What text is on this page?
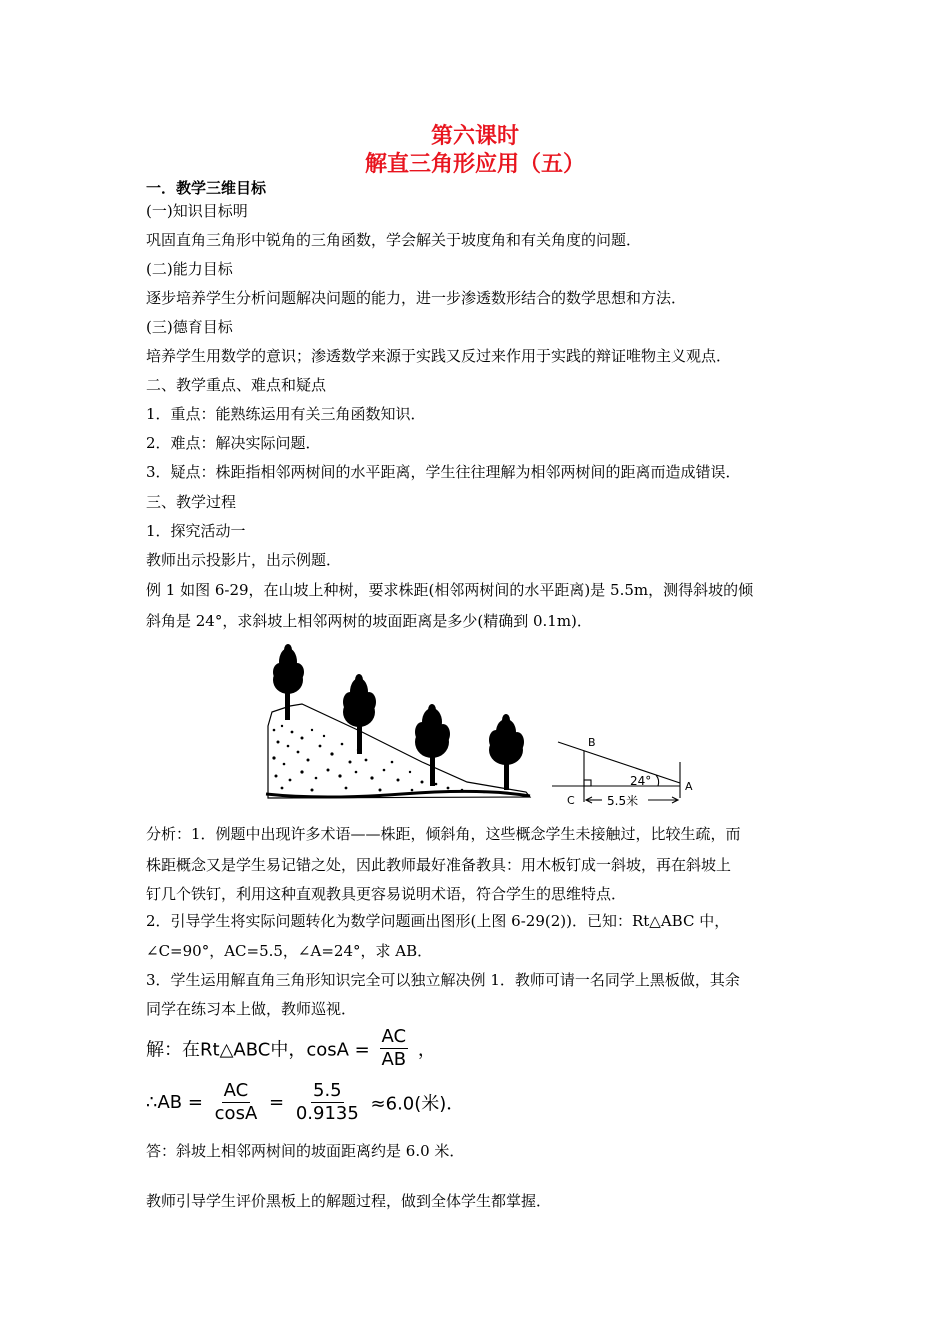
第六课时
解直三角形应用（五）
一．教学三维目标
(一)知识目标明
巩固直角三角形中锐角的三角函数，学会解关于坡度角和有关角度的问题．
(二)能力目标
逐步培养学生分析问题解决问题的能力，进一步渗透数形结合的数学思想和方法．
(三)德育目标
培养学生用数学的意识；渗透数学来源于实践又反过来作用于实践的辩证唯物主义观点．
二、教学重点、难点和疑点
1．重点：能熟练运用有关三角函数知识．
2．难点：解决实际问题．
3．疑点：株距指相邻两树间的水平距离，学生往往理解为相邻两树间的距离而造成错误．
三、教学过程
1．探究活动一
教师出示投影片，出示例题．
例 1 如图 6-29，在山坡上种树，要求株距(相邻两树间的水平距离)是 5.5m，测得斜坡的倾
斜角是 24°，求斜坡上相邻两树的坡面距离是多少(精确到 0.1m)．
B
C
A
24°
5.5米
分析：1．例题中出现许多术语——株距，倾斜角，这些概念学生未接触过，比较生疏，而
株距概念又是学生易记错之处，因此教师最好准备教具：用木板钉成一斜坡，再在斜坡上
钉几个铁钉，利用这种直观教具更容易说明术语，符合学生的思维特点．
2．引导学生将实际问题转化为数学问题画出图形(上图 6-29(2))．已知：Rt△ABC 中，
∠C=90°，AC=5.5，∠A=24°，求 AB．
3．学生运用解直角三角形知识完全可以独立解决例 1．教师可请一名同学上黑板做，其余
同学在练习本上做，教师巡视．
解：在Rt△ABC中，$\cos A = \frac{AC}{AB}$ ，
∴AB = $\frac{AC}{\cos A} = \frac{5.5}{0.9135} \approx 6.0$(米)．
答：斜坡上相邻两树间的坡面距离约是 6.0 米．
教师引导学生评价黑板上的解题过程，做到全体学生都掌握．
